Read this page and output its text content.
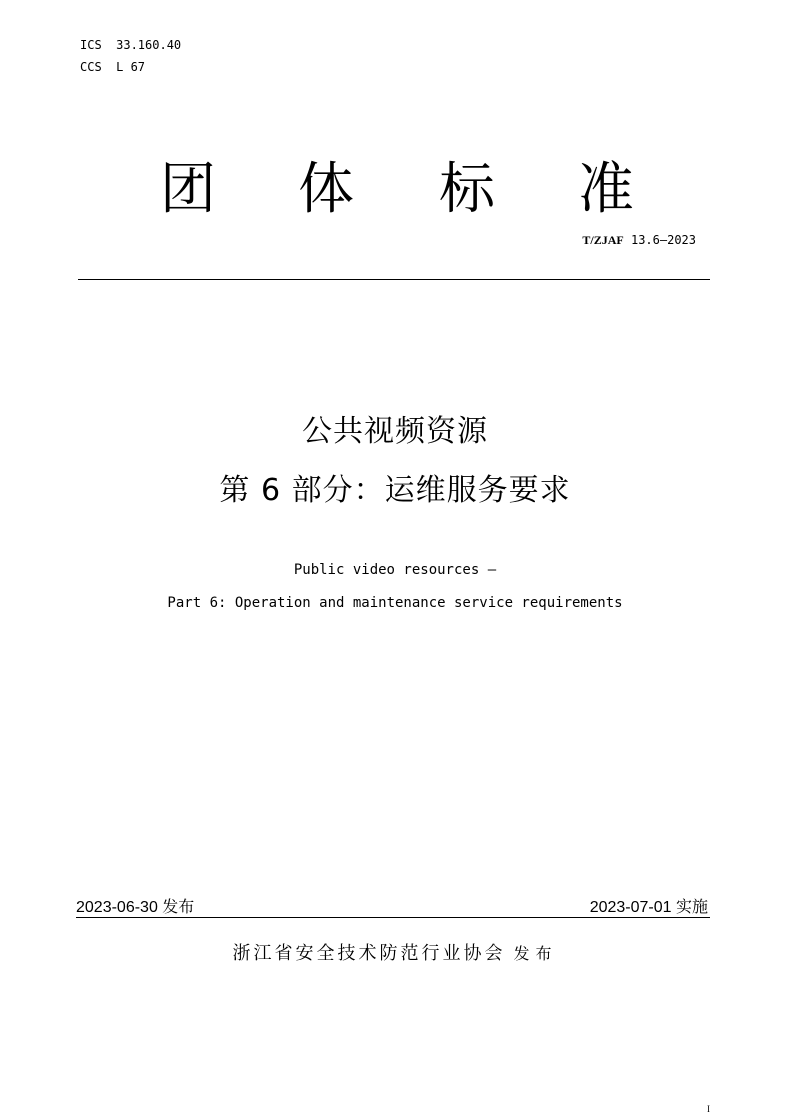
ICS  33.160.40
CCS  L 67
团 体 标 准
T/ZJAF 13.6—2023
公共视频资源
第 6 部分：运维服务要求
Public video resources —
Part 6: Operation and maintenance service requirements
2023-06-30 发布	2023-07-01 实施
浙江省安全技术防范行业协会 发布
I
